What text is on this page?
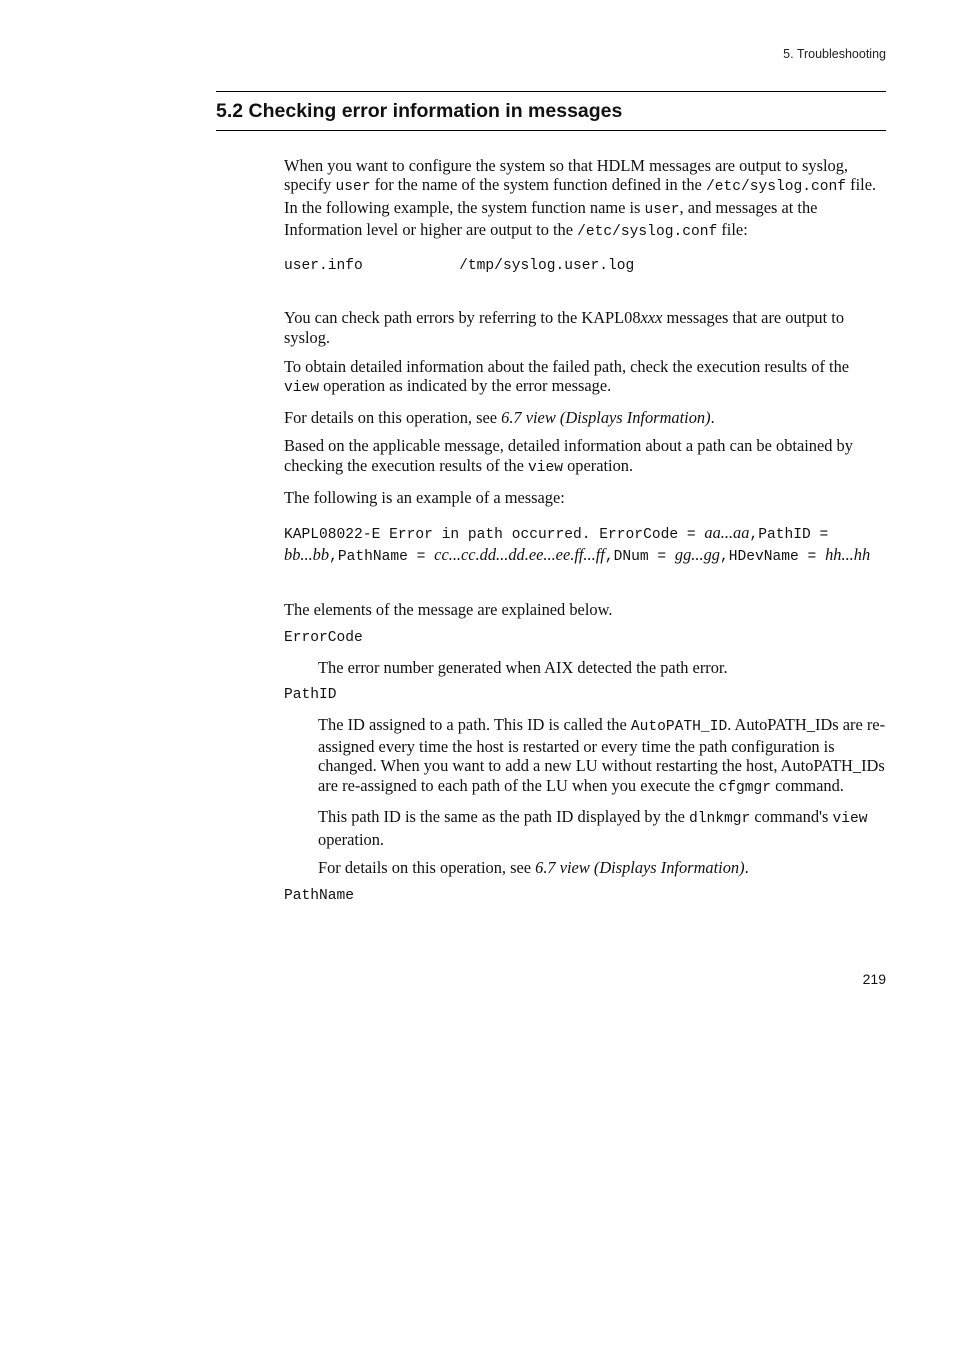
5. Troubleshooting
5.2 Checking error information in messages

When you want to configure the system so that HDLM messages are output to syslog, specify user for the name of the system function defined in the /etc/syslog.conf file. In the following example, the system function name is user, and messages at the Information level or higher are output to the /etc/syslog.conf file:

user.info           /tmp/syslog.user.log

You can check path errors by referring to the KAPL08xxx messages that are output to syslog.

To obtain detailed information about the failed path, check the execution results of the view operation as indicated by the error message.

For details on this operation, see 6.7 view (Displays Information).

Based on the applicable message, detailed information about a path can be obtained by checking the execution results of the view operation.

The following is an example of a message:

KAPL08022-E Error in path occurred. ErrorCode = aa...aa,PathID = bb...bb,PathName = cc...cc.dd...dd.ee...ee.ff...ff,DNum = gg...gg,HDevName = hh...hh

The elements of the message are explained below.

ErrorCode

The error number generated when AIX detected the path error.

PathID

The ID assigned to a path. This ID is called the AutoPATH_ID. AutoPATH_IDs are re-assigned every time the host is restarted or every time the path configuration is changed. When you want to add a new LU without restarting the host, AutoPATH_IDs are re-assigned to each path of the LU when you execute the cfgmgr command.

This path ID is the same as the path ID displayed by the dlnkmgr command's view operation.

For details on this operation, see 6.7 view (Displays Information).

PathName
219
